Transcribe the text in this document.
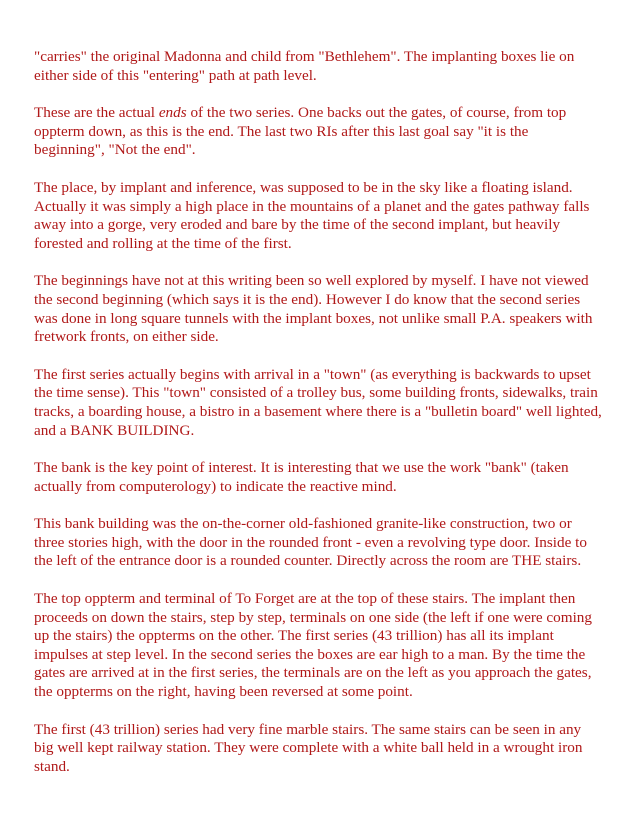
"carries" the original Madonna and child from "Bethlehem". The implanting boxes lie on either side of this "entering" path at path level.

These are the actual ends of the two series. One backs out the gates, of course, from top oppterm down, as this is the end. The last two RIs after this last goal say "it is the beginning", "Not the end".

The place, by implant and inference, was supposed to be in the sky like a floating island. Actually it was simply a high place in the mountains of a planet and the gates pathway falls away into a gorge, very eroded and bare by the time of the second implant, but heavily forested and rolling at the time of the first.

The beginnings have not at this writing been so well explored by myself. I have not viewed the second beginning (which says it is the end). However I do know that the second series was done in long square tunnels with the implant boxes, not unlike small P.A. speakers with fretwork fronts, on either side.

The first series actually begins with arrival in a "town" (as everything is backwards to upset the time sense). This "town" consisted of a trolley bus, some building fronts, sidewalks, train tracks, a boarding house, a bistro in a basement where there is a "bulletin board" well lighted, and a BANK BUILDING.

The bank is the key point of interest. It is interesting that we use the work "bank" (taken actually from computerology) to indicate the reactive mind.

This bank building was the on-the-corner old-fashioned granite-like construction, two or three stories high, with the door in the rounded front - even a revolving type door. Inside to the left of the entrance door is a rounded counter. Directly across the room are THE stairs.

The top oppterm and terminal of To Forget are at the top of these stairs. The implant then proceeds on down the stairs, step by step, terminals on one side (the left if one were coming up the stairs) the oppterms on the other. The first series (43 trillion) has all its implant impulses at step level. In the second series the boxes are ear high to a man. By the time the gates are arrived at in the first series, the terminals are on the left as you approach the gates, the oppterms on the right, having been reversed at some point.

The first (43 trillion) series had very fine marble stairs. The same stairs can be seen in any big well kept railway station. They were complete with a white ball held in a wrought iron stand.
